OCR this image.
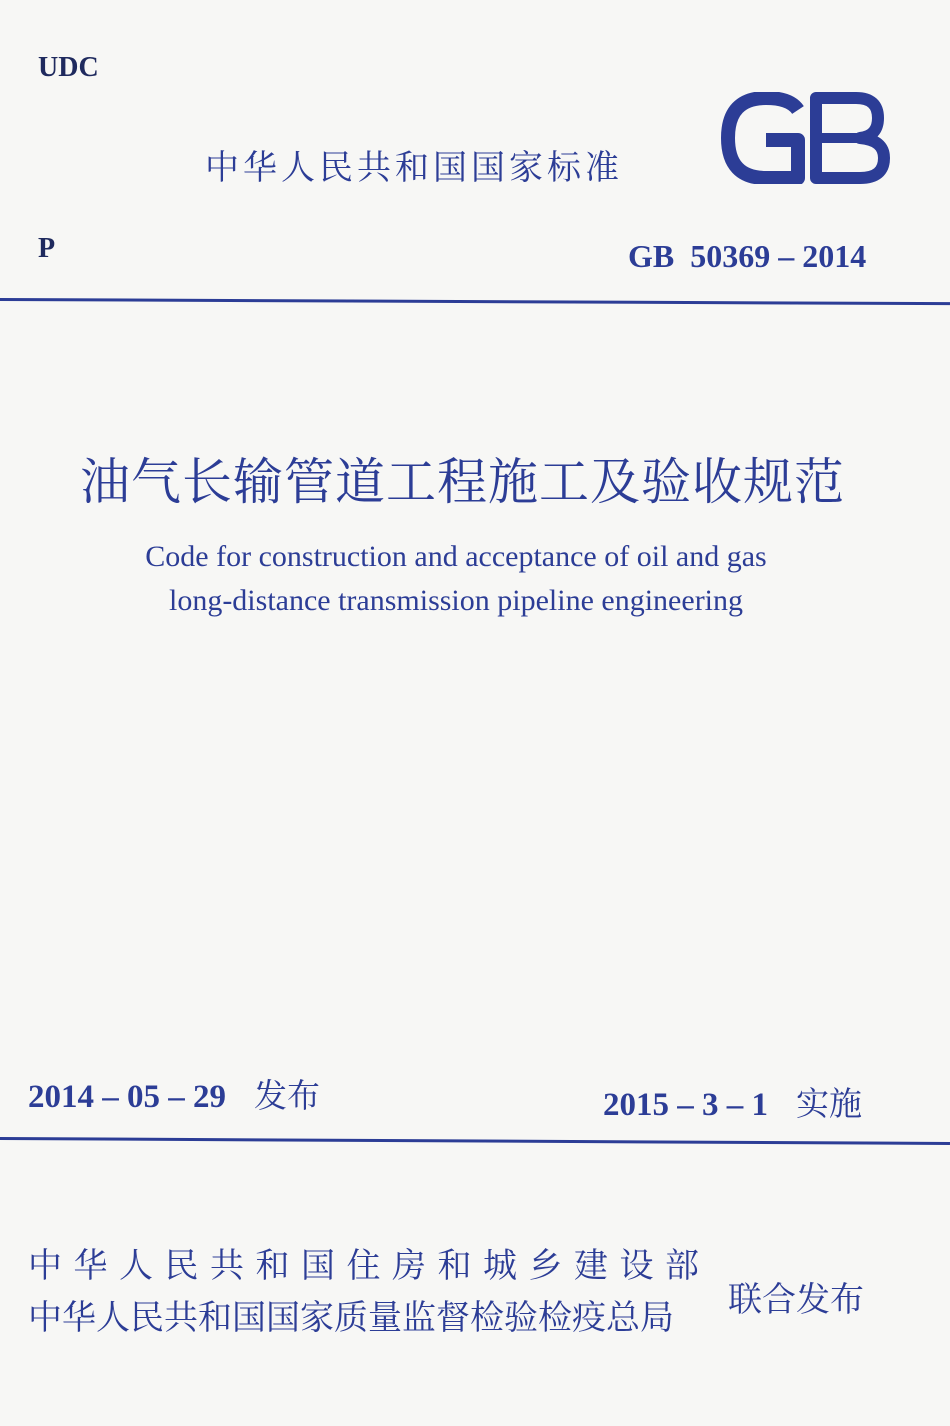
UDC
中华人民共和国国家标准
P	GB  50369 – 2014
油气长输管道工程施工及验收规范
Code for construction and acceptance of oil and gas
long-distance transmission pipeline engineering
2014 – 05 – 29 发布	2015 – 3 – 1 实施
中华人民共和国住房和城乡建设部
中华人民共和国国家质量监督检验检疫总局 联合发布
